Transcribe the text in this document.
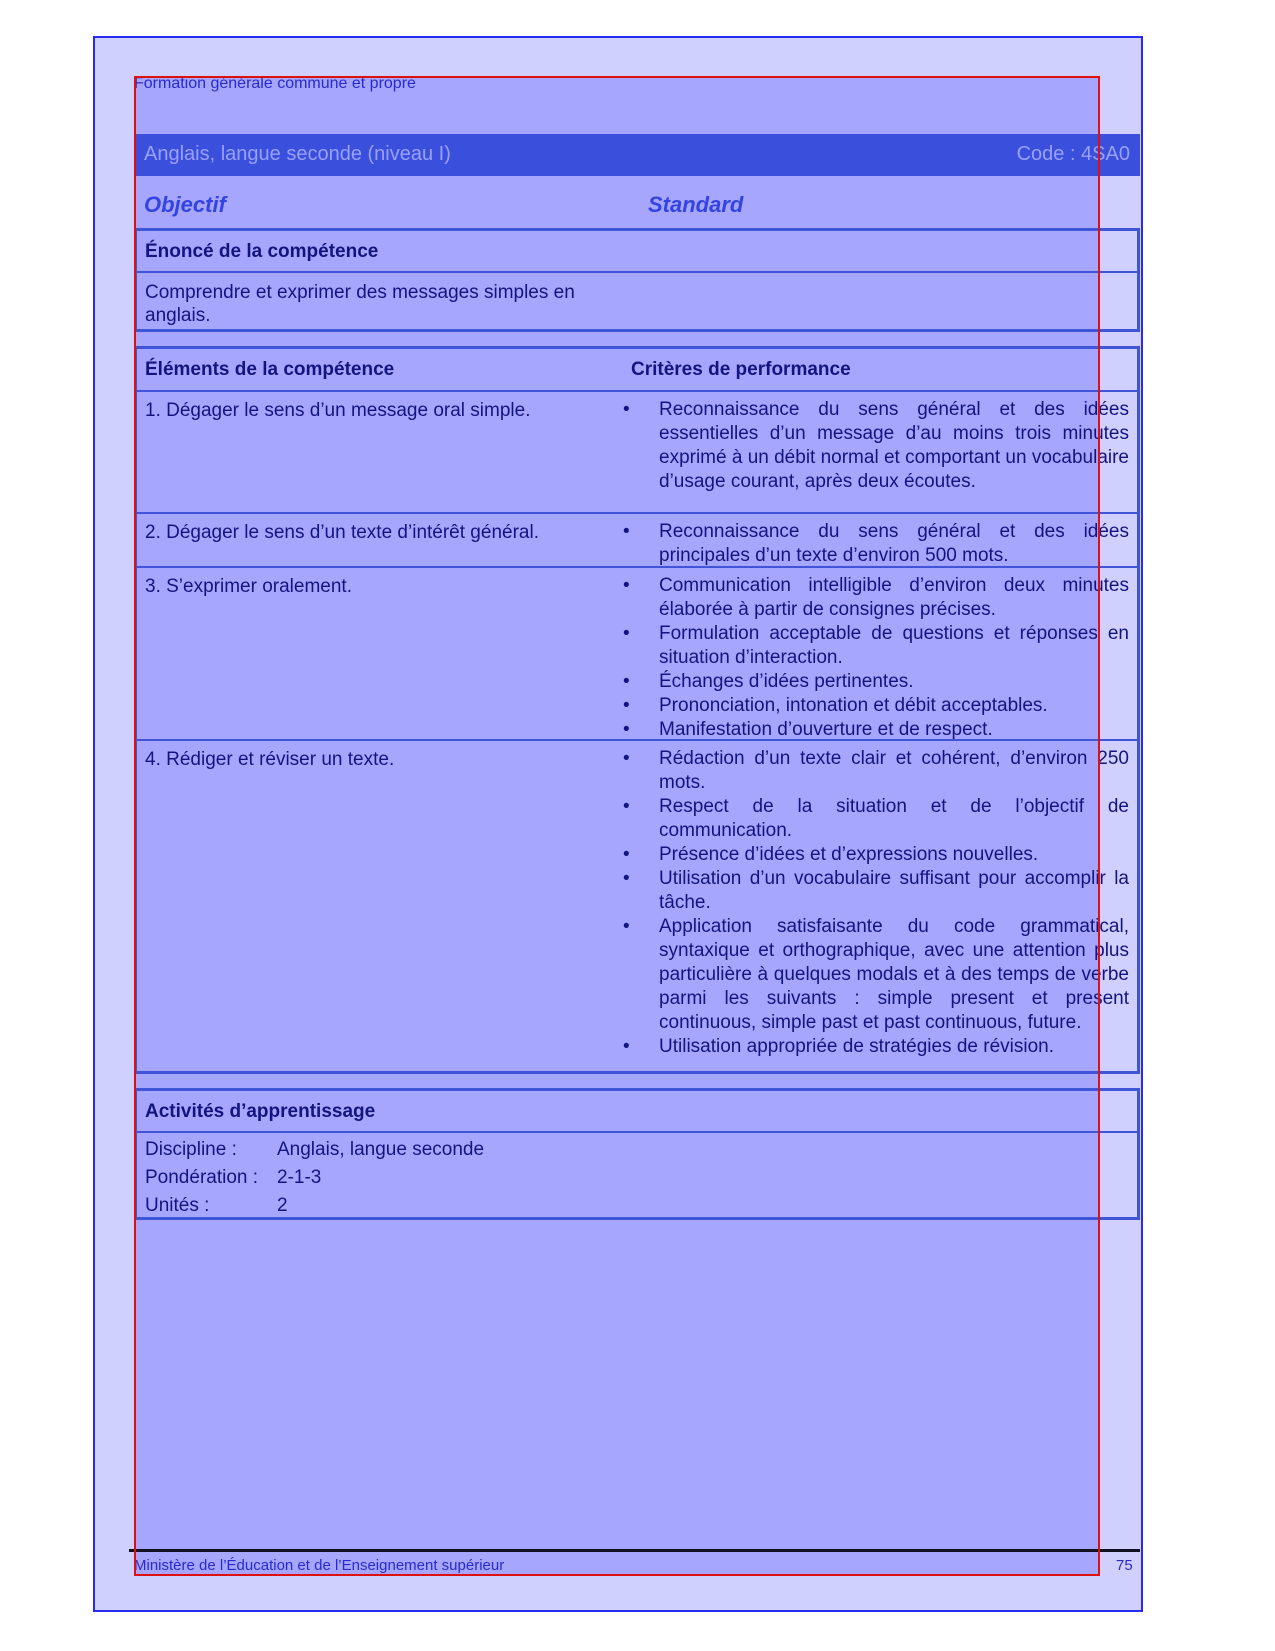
Formation générale commune et propre
Anglais, langue seconde (niveau I)	Code : 4SA0
Objectif	Standard
Énoncé de la compétence
Comprendre et exprimer des messages simples en
anglais.
Éléments de la compétence	Critères de performance
1. Dégager le sens d’un message oral simple.	• Reconnaissance du sens général et des idées essentielles d’un message d’au moins trois minutes exprimé à un débit normal et comportant un vocabulaire d’usage courant, après deux écoutes.
2. Dégager le sens d’un texte d’intérêt général.	• Reconnaissance du sens général et des idées principales d’un texte d’environ 500 mots.
3. S’exprimer oralement.	• Communication intelligible d’environ deux minutes élaborée à partir de consignes précises.
• Formulation acceptable de questions et réponses en situation d’interaction.
• Échanges d’idées pertinentes.
• Prononciation, intonation et débit acceptables.
• Manifestation d’ouverture et de respect.
4. Rédiger et réviser un texte.	• Rédaction d’un texte clair et cohérent, d’environ 250 mots.
• Respect de la situation et de l’objectif de communication.
• Présence d’idées et d’expressions nouvelles.
• Utilisation d’un vocabulaire suffisant pour accomplir la tâche.
• Application satisfaisante du code grammatical, syntaxique et orthographique, avec une attention plus particulière à quelques modals et à des temps de verbe parmi les suivants : simple present et present continuous, simple past et past continuous, future.
• Utilisation appropriée de stratégies de révision.
Activités d’apprentissage
Discipline : Anglais, langue seconde
Pondération : 2-1-3
Unités :	2
Ministère de l’Éducation et de l’Enseignement supérieur	75
